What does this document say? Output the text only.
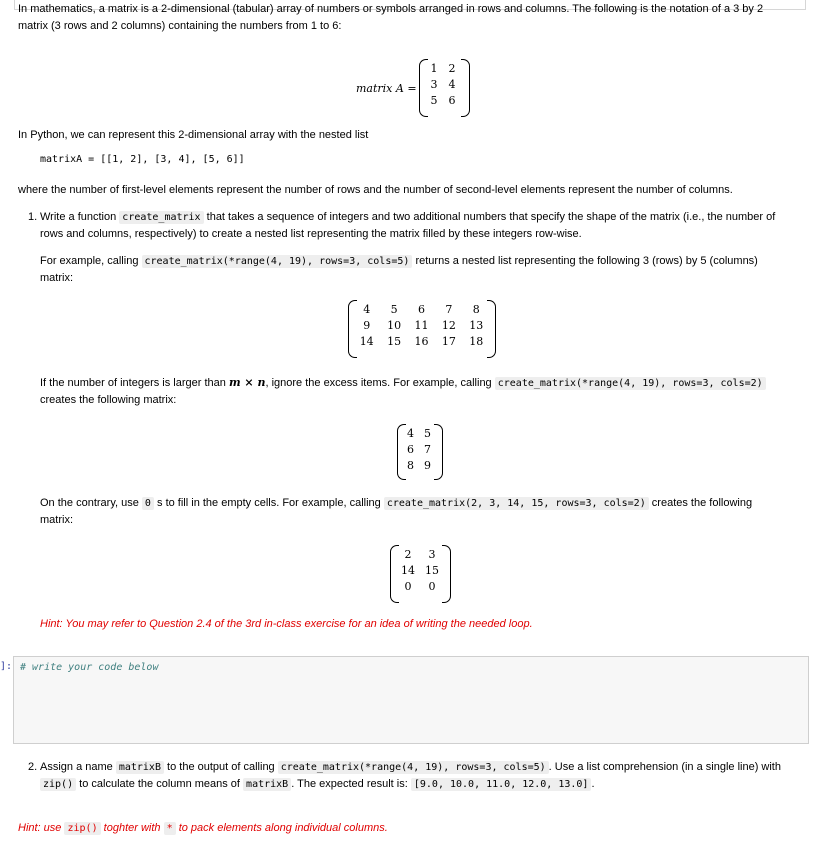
In mathematics, a matrix is a 2-dimensional (tabular) array of numbers or symbols arranged in rows and columns. The following is the notation of a 3 by 2
matrix (3 rows and 2 columns) containing the numbers from 1 to 6:

matrix A =
1	2
3	4
5	6

In Python, we can represent this 2-dimensional array with the nested list

matrixA = [[1, 2], [3, 4], [5, 6]]

where the number of first-level elements represent the number of rows and the number of second-level elements represent the number of columns.

1. Write a function create_matrix that takes a sequence of integers and two additional numbers that specify the shape of the matrix (i.e., the number of
rows and columns, respectively) to create a nested list representing the matrix filled by these integers row-wise.

For example, calling create_matrix(*range(4, 19), rows=3, cols=5) returns a nested list representing the following 3 (rows) by 5 (columns)
matrix:

4	5	6	7	8
9	10	11	12	13
14	15	16	17	18

If the number of integers is larger than m × n, ignore the excess items. For example, calling create_matrix(*range(4, 19), rows=3, cols=2)
creates the following matrix:

4	5
6	7
8	9

On the contrary, use 0 s to fill in the empty cells. For example, calling create_matrix(2, 3, 14, 15, rows=3, cols=2) creates the following
matrix:

2	3
14	15
0	0

Hint: You may refer to Question 2.4 of the 3rd in-class exercise for an idea of writing the needed loop.

]: # write your code below
2. Assign a name matrixB to the output of calling create_matrix(*range(4, 19), rows=3, cols=5) . Use a list comprehension (in a single line) with
zip() to calculate the column means of matrixB . The expected result is: [9.0, 10.0, 11.0, 12.0, 13.0] .

Hint: use zip() toghter with * to pack elements along individual columns.
